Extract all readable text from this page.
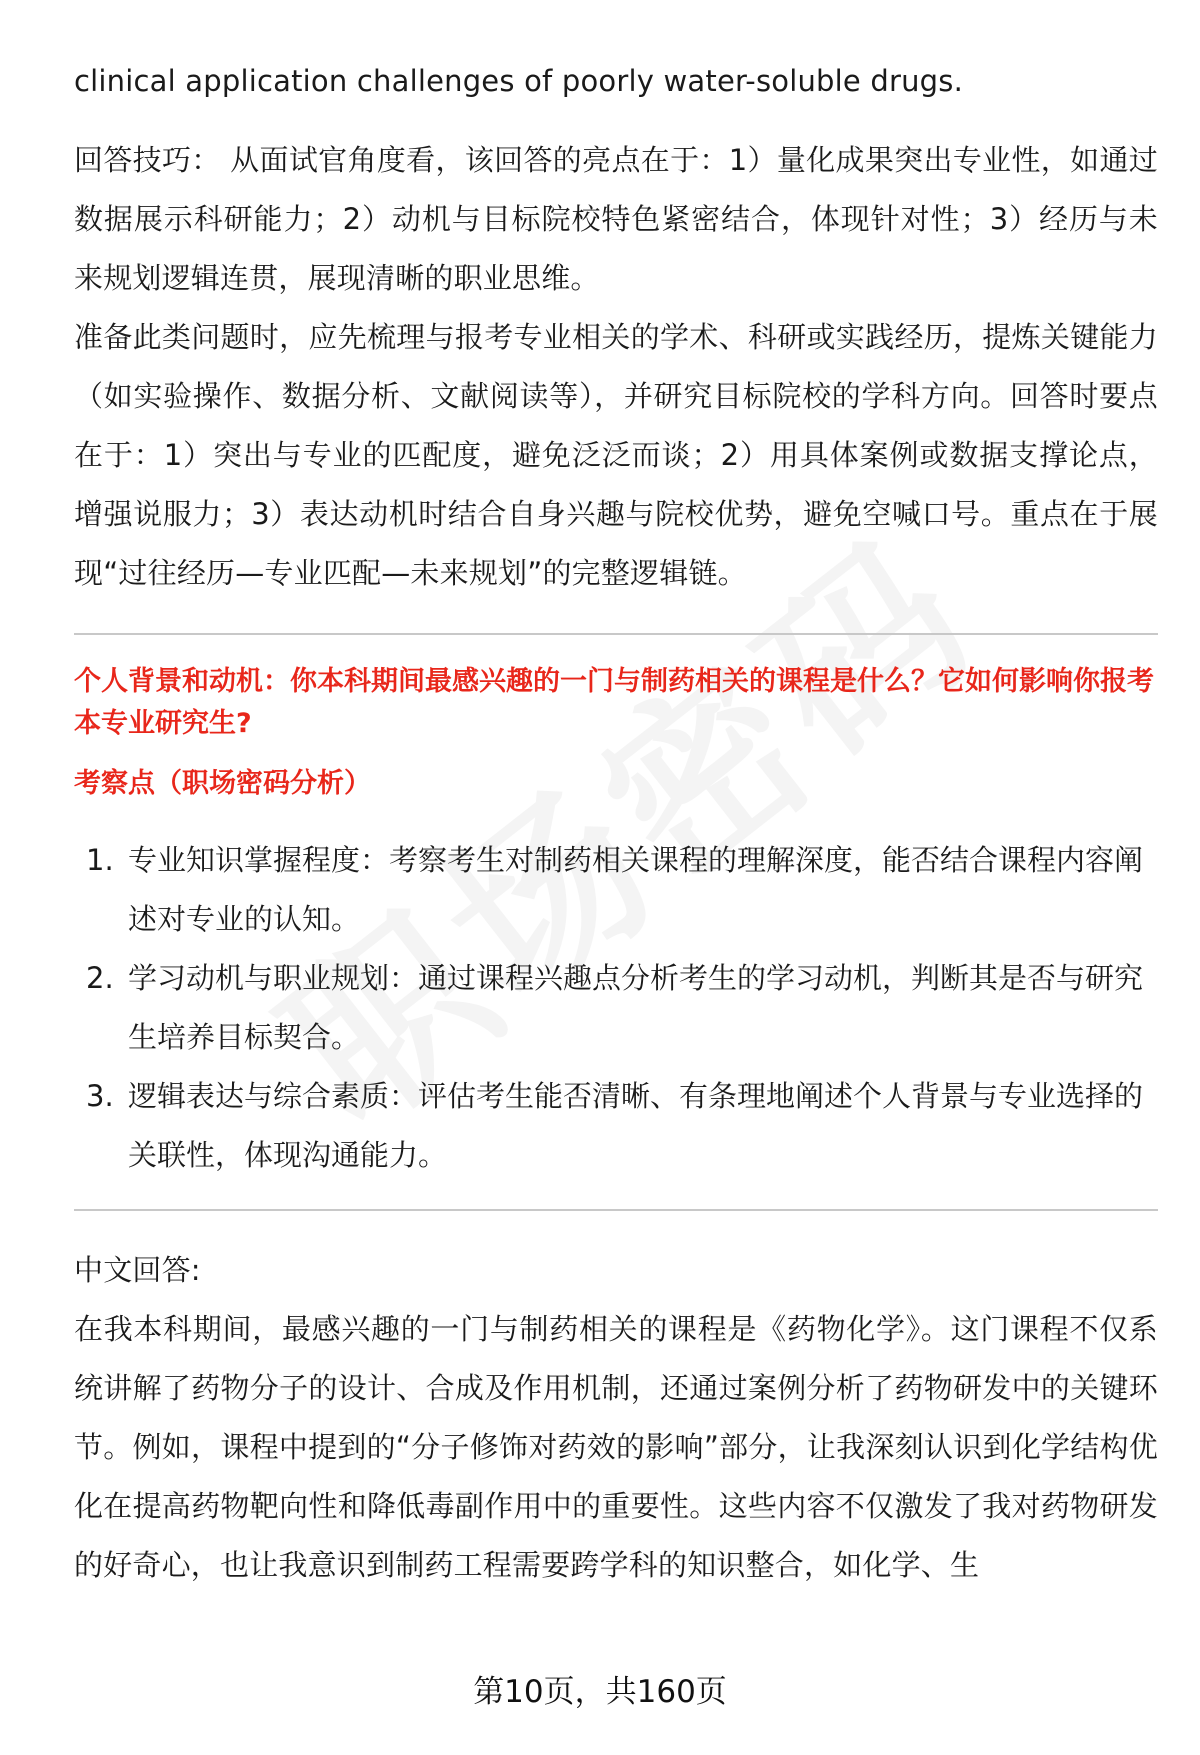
clinical application challenges of poorly water-soluble drugs.

回答技巧： 从面试官角度看，该回答的亮点在于：1）量化成果突出专业性，如通过数据展示科研能力；2）动机与目标院校特色紧密结合，体现针对性；3）经历与未来规划逻辑连贯，展现清晰的职业思维。

准备此类问题时，应先梳理与报考专业相关的学术、科研或实践经历，提炼关键能力（如实验操作、数据分析、文献阅读等），并研究目标院校的学科方向。回答时要点在于：1）突出与专业的匹配度，避免泛泛而谈；2）用具体案例或数据支撑论点，增强说服力；3）表达动机时结合自身兴趣与院校优势，避免空喊口号。重点在于展现“过往经历—专业匹配—未来规划”的完整逻辑链。

个人背景和动机：你本科期间最感兴趣的一门与制药相关的课程是什么？它如何影响你报考本专业研究生?

考察点（职场密码分析）

1. 专业知识掌握程度：考察考生对制药相关课程的理解深度，能否结合课程内容阐述对专业的认知。
2. 学习动机与职业规划：通过课程兴趣点分析考生的学习动机，判断其是否与研究生培养目标契合。
3. 逻辑表达与综合素质：评估考生能否清晰、有条理地阐述个人背景与专业选择的关联性，体现沟通能力。

中文回答:

在我本科期间，最感兴趣的一门与制药相关的课程是《药物化学》。这门课程不仅系统讲解了药物分子的设计、合成及作用机制，还通过案例分析了药物研发中的关键环节。例如，课程中提到的“分子修饰对药效的影响”部分，让我深刻认识到化学结构优化在提高药物靶向性和降低毒副作用中的重要性。这些内容不仅激发了我对药物研发的好奇心，也让我意识到制药工程需要跨学科的知识整合，如化学、生

第10页，共160页
